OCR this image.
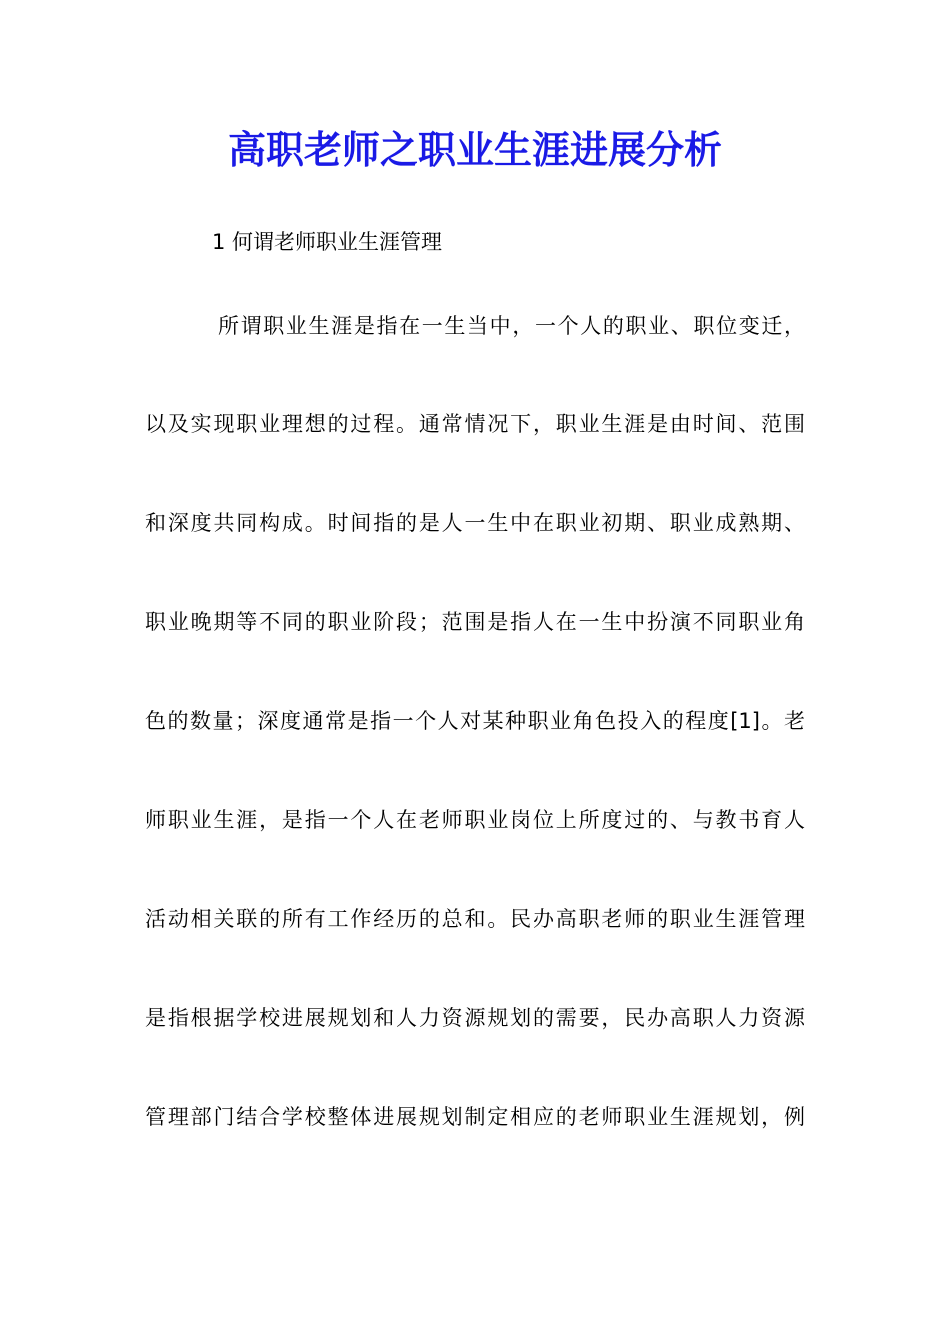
高职老师之职业生涯进展分析
1 何谓老师职业生涯管理
所谓职业生涯是指在一生当中，一个人的职业、职位变迁，
以及实现职业理想的过程。通常情况下，职业生涯是由时间、范围
和深度共同构成。时间指的是人一生中在职业初期、职业成熟期、
职业晚期等不同的职业阶段；范围是指人在一生中扮演不同职业角
色的数量；深度通常是指一个人对某种职业角色投入的程度[1]。老
师职业生涯，是指一个人在老师职业岗位上所度过的、与教书育人
活动相关联的所有工作经历的总和。民办高职老师的职业生涯管理
是指根据学校进展规划和人力资源规划的需要，民办高职人力资源
管理部门结合学校整体进展规划制定相应的老师职业生涯规划，例
